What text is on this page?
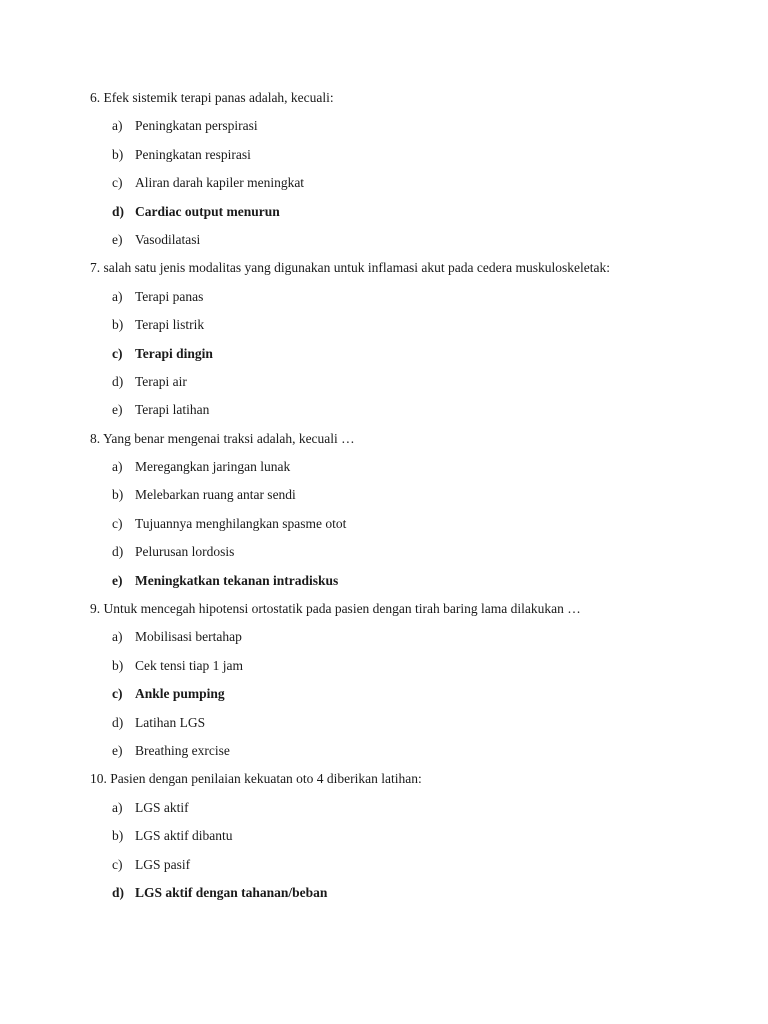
6. Efek sistemik terapi panas adalah, kecuali:
a) Peningkatan perspirasi
b) Peningkatan respirasi
c) Aliran darah kapiler meningkat
d) Cardiac output menurun
e) Vasodilatasi
7. salah satu jenis modalitas yang digunakan untuk inflamasi akut pada cedera muskuloskeletak:
a) Terapi panas
b) Terapi listrik
c) Terapi dingin
d) Terapi air
e) Terapi latihan
8. Yang benar mengenai traksi adalah, kecuali …
a) Meregangkan jaringan lunak
b) Melebarkan ruang antar sendi
c) Tujuannya menghilangkan spasme otot
d) Pelurusan lordosis
e) Meningkatkan tekanan intradiskus
9. Untuk mencegah hipotensi ortostatik pada pasien dengan tirah baring lama dilakukan …
a) Mobilisasi bertahap
b) Cek tensi tiap 1 jam
c) Ankle pumping
d) Latihan LGS
e) Breathing exrcise
10. Pasien dengan penilaian kekuatan oto 4 diberikan latihan:
a) LGS aktif
b) LGS aktif dibantu
c) LGS pasif
d) LGS aktif dengan tahanan/beban
